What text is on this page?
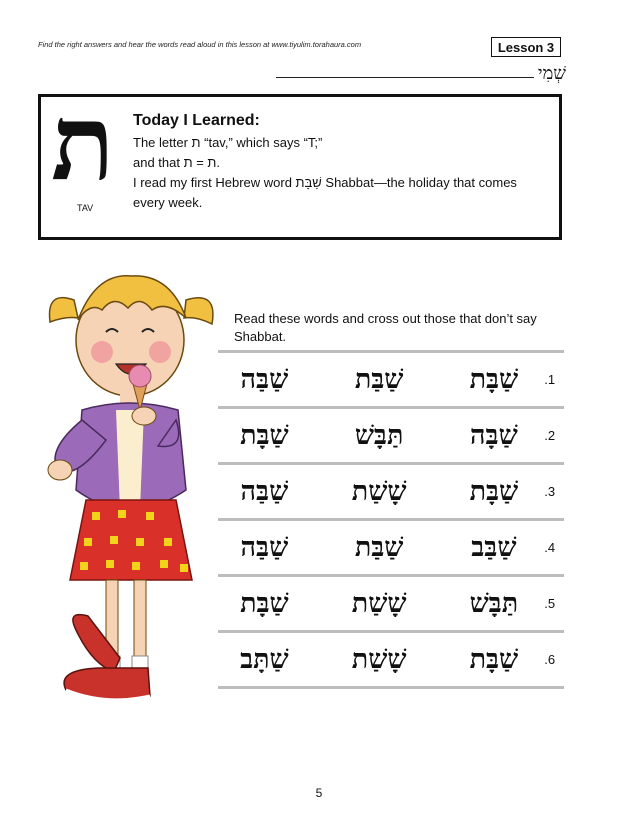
Find the right answers and hear the words read aloud in this lesson at www.tiyulim.torahaura.com	Lesson 3
שְׁמִי
ת
TAV
Today I Learned:

The letter ת “tav,” which says “T;”

and that ת = ת.

I read my first Hebrew word שַׁבָּת Shabbat—the holiday that comes

every week.

Read these words and cross out those that don’t say Shabbat.
שַׁבַּה	שַׁבַּת	שַׁבָּת	.1
שַׁבָּת	תַּבָּשׁ	שַׁבָּה	.2
שַׁבַּה	שָׁשַׁת	שַׁבָּת	.3
שַׁבַּה	שַׁבַּת	שַׁבַּב	.4
שַׁבָּת	שָׁשַׁת	תַּבָּשׁ	.5
שַׁתָּב	שָׁשַׁת	שַׁבָּת	.6
5
